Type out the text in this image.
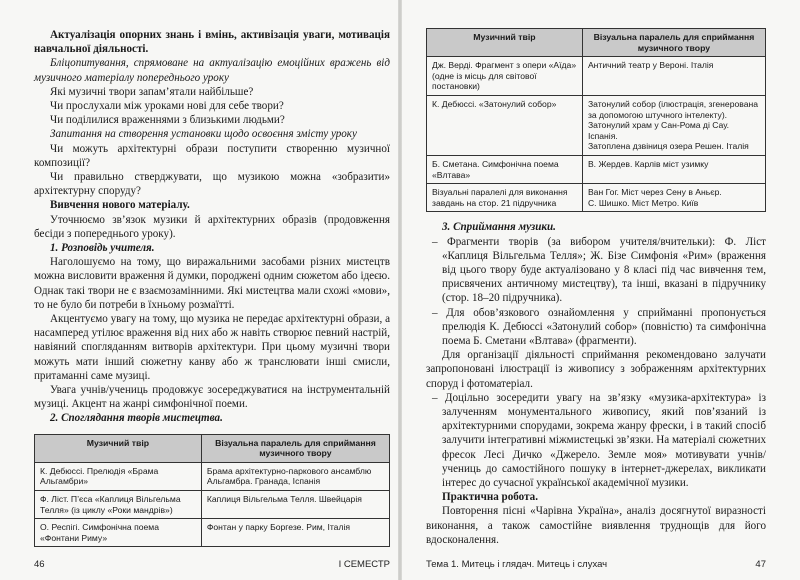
Актуалізація опорних знань і вмінь, активізація уваги, мотивація навчальної діяльності.

Бліцопитування, спрямоване на актуалізацію емоційних вражень від музичного матеріалу попереднього уроку

Які музичні твори запам’ятали найбільше?

Чи прослухали між уроками нові для себе твори?

Чи поділилися враженнями з близькими людьми?

Запитання на створення установки щодо освоєння змісту уроку

Чи можуть архітектурні образи поступити створенню музичної композиції?

Чи правильно стверджувати, що музикою можна «зобразити» архітектурну споруду?

Вивчення нового матеріалу.

Уточнюємо зв’язок музики й архітектурних образів (продовження бесіди з попереднього уроку).

1. Розповідь учителя.

Наголошуємо на тому, що виражальними засобами різних мистецтв можна висловити враження й думки, породжені одним сюжетом або ідеєю. Однак такі твори не є взаємозамінними. Які мистецтва мали схожі «мови», то не було би потреби в їхньому розмаїтті.

Акцентуємо увагу на тому, що музика не передає архітектурні образи, а насамперед утілює враження від них або ж навіть створює певний настрій, навіяний спогляданням витворів архітектури. При цьому музичні твори можуть мати інший сюжетну канву або ж транслювати інші смисли, притаманні саме музиці.

Увага учнів/учениць продовжує зосереджуватися на інструментальній музиці. Акцент на жанрі симфонічної поеми.

2. Споглядання творів мистецтва.

Музичний твір	Візуальна паралель для сприймання музичного твору
К. Дебюссі. Прелюдія «Брама Альгамбри»	Брама архітектурно-паркового ансамблю Альгамбра. Гранада, Іспанія
Ф. Ліст. П’єса «Каплиця Вільгельма Телля» (із циклу «Роки мандрів»)	Каплиця Вільгельма Телля. Швейцарія
О. Респігі. Симфонічна поема «Фонтани Риму»	Фонтан у парку Боргезе. Рим, Італія
46	І СЕМЕСТР
Музичний твір	Візуальна паралель для сприймання музичного твору
Дж. Верді. Фрагмент з опери «Аїда» (одне із місць для світової постановки)	Античний театр у Вероні. Італія

К. Дебюссі. «Затонулий собор»	Затонулий собор (ілюстрація, згенерована за допомогою штучного інтелекту).
Затонулий храм у Сан-Рома ді Сау. Іспанія.
Затоплена дзвіниця озера Решен. Італія

Б. Сметана. Симфонічна поема «Влтава»	В. Жердев. Карлів міст узимку

Візуальні паралелі для виконання завдань на стор. 21 підручника	Ван Гог. Міст через Сену в Аньєр.
С. Шишко. Міст Метро. Київ

3. Сприймання музики.

– Фрагменти творів (за вибором учителя/вчительки): Ф. Ліст «Каплиця Вільгельма Телля»; Ж. Бізе Симфонія «Рим» (враження від цього твору буде актуалізовано у 8 класі під час вивчення тем, присвячених античному мистецтву), та інші, вказані в підручнику (стор. 18–20 підручника).

– Для обов’язкового ознайомлення у сприйманні пропонується прелюдія К. Дебюссі «Затонулий собор» (повністю) та симфонічна поема Б. Сметани «Влтава» (фрагменти).

Для організації діяльності сприймання рекомендовано залучати запропоновані ілюстрації із живопису з зображенням архітектурних споруд і фотоматеріал.

– Доцільно зосередити увагу на зв’язку «музика-архітектура» із залученням монументального живопису, який пов’язаний із архітектурними спорудами, зокрема жанру фрески, і в такий спосіб залучити інтегративні міжмистецькі зв’язки. На матеріалі сюжетних фресок Лесі Дичко «Джерело. Земле моя» мотивувати учнів/учениць до самостійного пошуку в інтернет-джерелах, викликати інтерес до сучасної української академічної музики.

Практична робота.

Повторення пісні «Чарівна Україна», аналіз досягнутої виразності виконання, а також самостійне виявлення труднощів для його вдосконалення.

Тема 1. Митець і глядач. Митець і слухач	47
